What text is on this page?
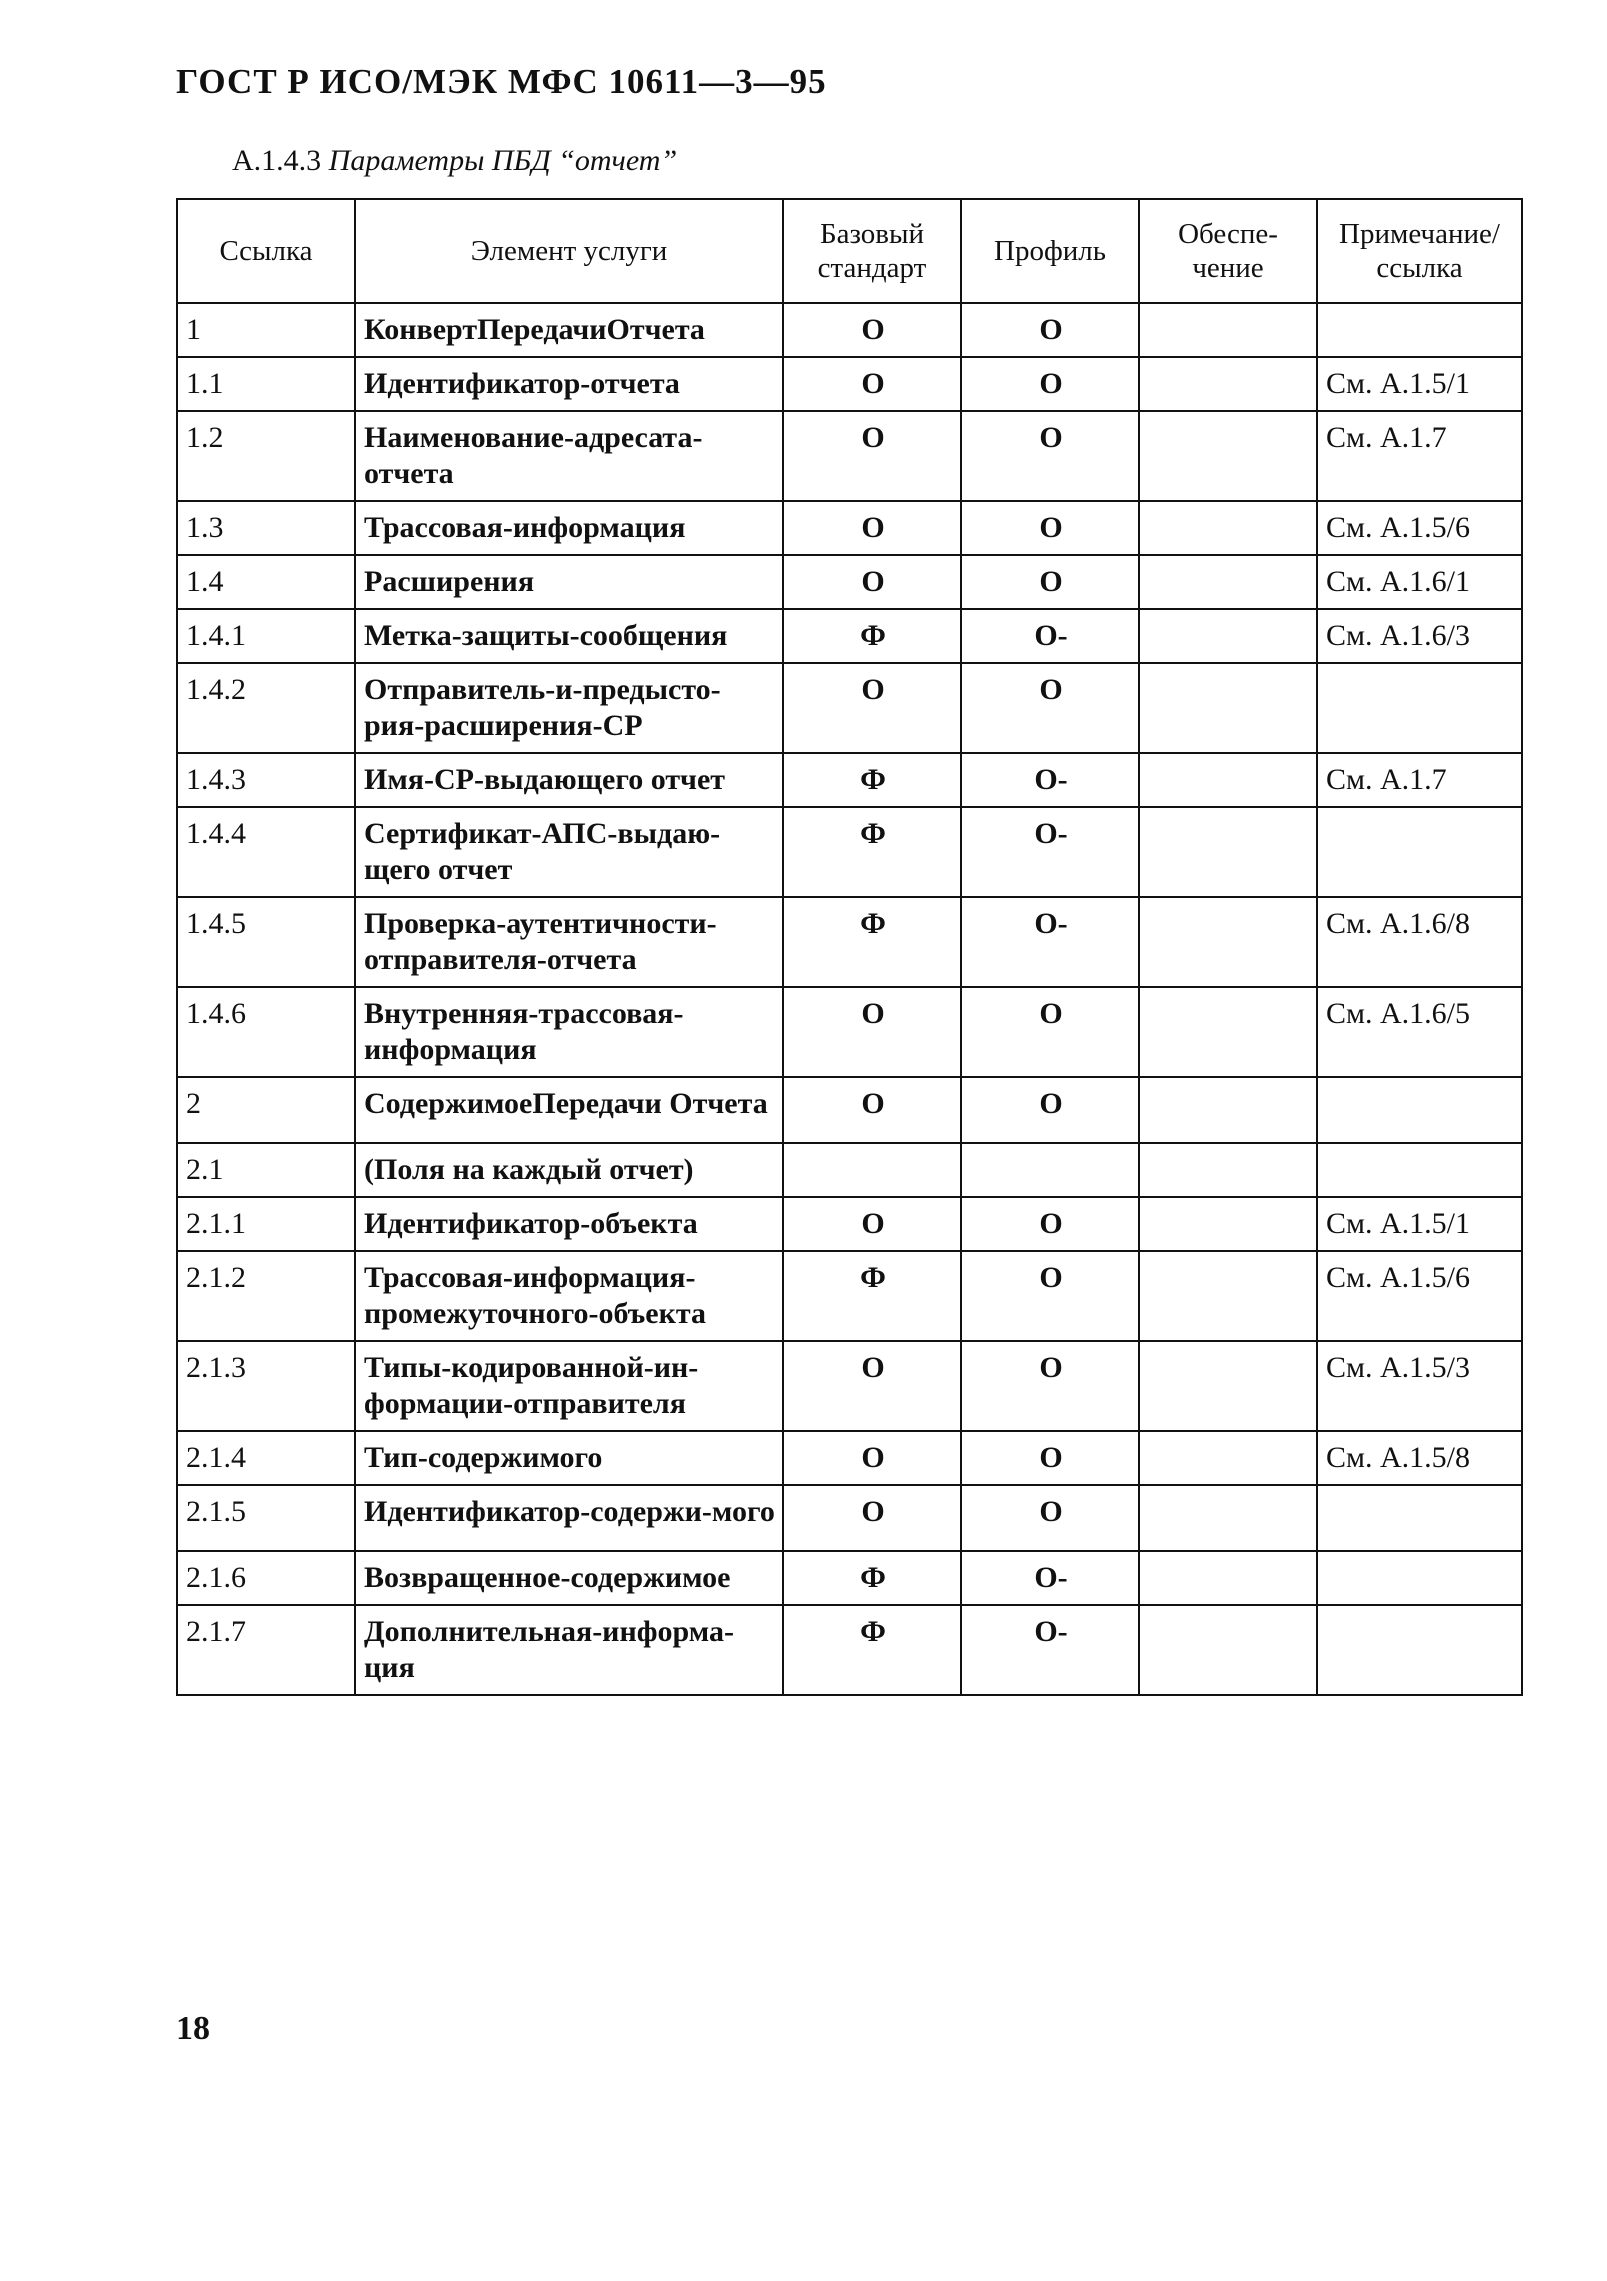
ГОСТ Р ИСО/МЭК МФС 10611—3—95
А.1.4.3 Параметры ПБД “отчет”
Ссылка	Элемент услуги	Базовый стандарт	Профиль	Обеспе-чение	Примечание/ссылка
1	КонвертПередачиОтчета	О	О		
1.1	Идентификатор-отчета	О	О		См. А.1.5/1
1.2	Наименование-адресата-отчета	О	О		См. А.1.7
1.3	Трассовая-информация	О	О		См. А.1.5/6
1.4	Расширения	О	О		См. А.1.6/1
1.4.1	Метка-защиты-сообщения	Ф	О-		См. А.1.6/3
1.4.2	Отправитель-и-предысто-рия-расширения-СР	О	О		
1.4.3	Имя-СР-выдающего отчет	Ф	О-		См. А.1.7
1.4.4	Сертификат-АПС-выдаю-щего отчет	Ф	О-		
1.4.5	Проверка-аутентичности-отправителя-отчета	Ф	О-		См. А.1.6/8
1.4.6	Внутренняя-трассовая-информация	О	О		См. А.1.6/5
2	СодержимоеПередачи Отчета	О	О		
2.1	(Поля на каждый отчет)				
2.1.1	Идентификатор-объекта	О	О		См. А.1.5/1
2.1.2	Трассовая-информация-промежуточного-объекта	Ф	О		См. А.1.5/6
2.1.3	Типы-кодированной-ин-формации-отправителя	О	О		См. А.1.5/3
2.1.4	Тип-содержимого	О	О		См. А.1.5/8
2.1.5	Идентификатор-содержи-мого	О	О		
2.1.6	Возвращенное-содержимое	Ф	О-		
2.1.7	Дополнительная-информа-ция	Ф	О-		
18
